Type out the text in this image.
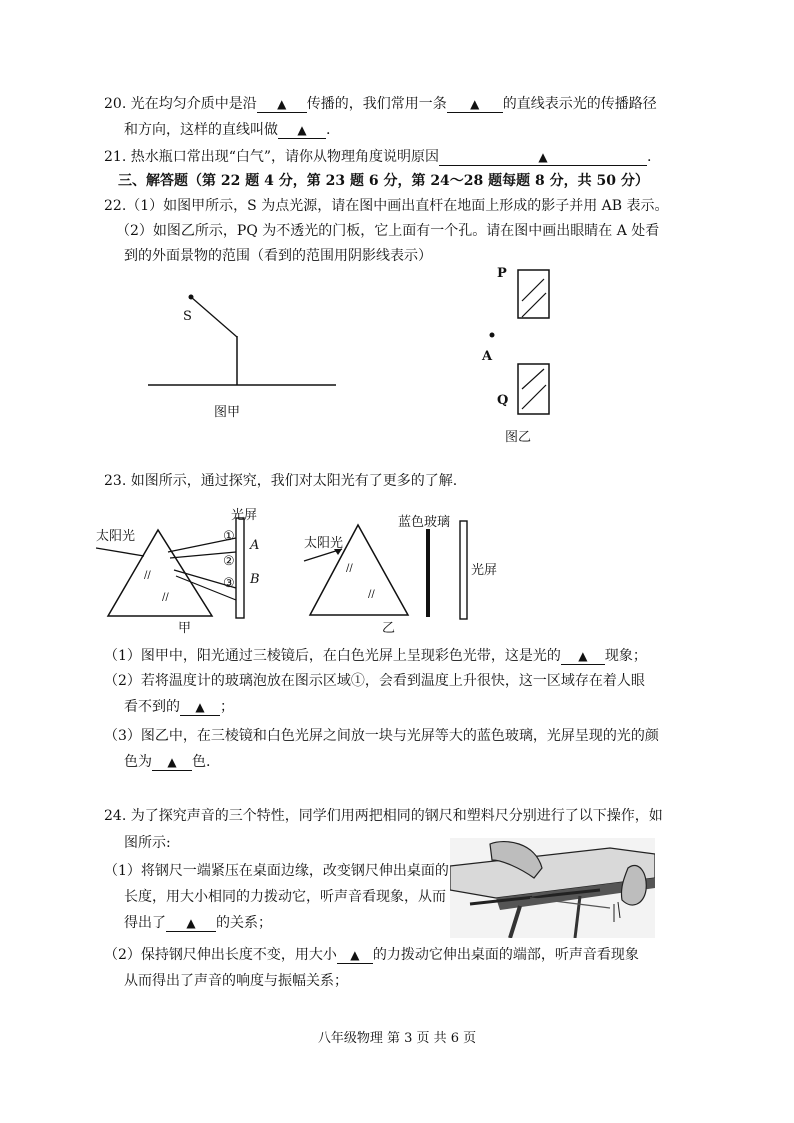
20. 光在均匀介质中是沿 ▲ 传播的，我们常用一条 ▲ 的直线表示光的传播路径
和方向，这样的直线叫做 ▲ .
21. 热水瓶口常出现“白气”，请你从物理角度说明原因	▲	.
三、解答题（第 22 题 4 分，第 23 题 6 分，第 24～28 题每题 8 分，共 50 分）
22.（1）如图甲所示，S 为点光源，请在图中画出直杆在地面上形成的影子并用 AB 表示。
（2）如图乙所示，PQ 为不透光的门板，它上面有一个孔。请在图中画出眼睛在 A 处看
到的外面景物的范围（看到的范围用阴影线表示）
S
图甲
P
A
Q
图乙
23. 如图所示，通过探究，我们对太阳光有了更多的了解.
//
//
太阳光
光屏
①
②
③
A
B
甲
//
//
太阳光
蓝色玻璃
光屏
乙
（1）图甲中，阳光通过三棱镜后，在白色光屏上呈现彩色光带，这是光的 ▲ 现象；
（2）若将温度计的玻璃泡放在图示区域①，会看到温度上升很快，这一区域存在着人眼
看不到的 ▲ ；
（3）图乙中，在三棱镜和白色光屏之间放一块与光屏等大的蓝色玻璃，光屏呈现的光的颜
色为 ▲ 色.
24. 为了探究声音的三个特性，同学们用两把相同的钢尺和塑料尺分别进行了以下操作，如
图所示:
（1）将钢尺一端紧压在桌面边缘，改变钢尺伸出桌面的
长度，用大小相同的力拨动它，听声音看现象，从而
得出了 ▲ 的关系；
（2）保持钢尺伸出长度不变，用大小 ▲ 的力拨动它伸出桌面的端部，听声音看现象
从而得出了声音的响度与振幅关系；
八年级物理 第 3 页 共 6 页
